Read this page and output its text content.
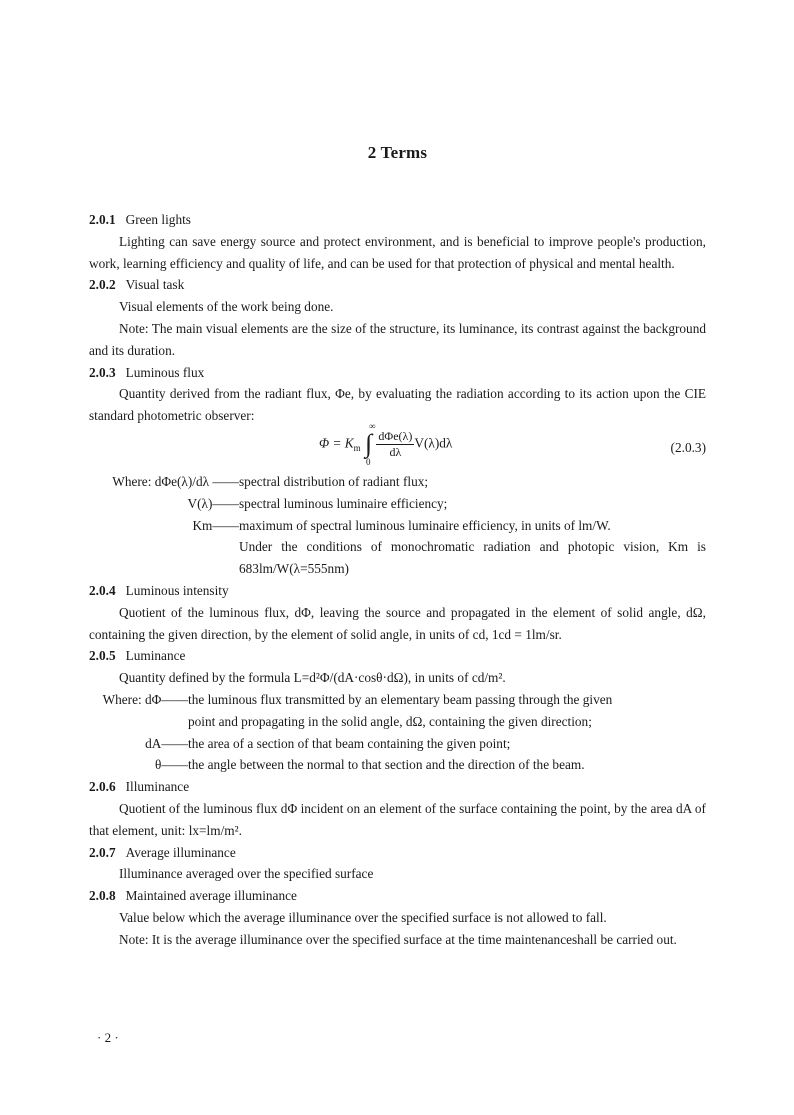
2 Terms
2.0.1 Green lights

Lighting can save energy source and protect environment, and is beneficial to improve people's production, work, learning efficiency and quality of life, and can be used for that protection of physical and mental health.

2.0.2 Visual task

Visual elements of the work being done.

Note: The main visual elements are the size of the structure, its luminance, its contrast against the background and its duration.

2.0.3 Luminous flux

Quantity derived from the radiant flux, Φe, by evaluating the radiation according to its action upon the CIE standard photometric observer:

$\Phi = K_m$ ∫
∞
0

$\frac{\text{dΦe(λ)}}{d\lambda} V(\lambda)d\lambda$	(2.0.3)
Where: dΦe(λ)/dλ —— spectral distribution of radiant flux;
V(λ)—— spectral luminous luminaire efficiency;
Km—— maximum of spectral luminous luminaire efficiency, in units of lm/W.

Under the conditions of monochromatic radiation and photopic vision, Km is 683lm/W(λ=555nm)

2.0.4 Luminous intensity

Quotient of the luminous flux, dΦ, leaving the source and propagated in the element of solid angle, dΩ, containing the given direction, by the element of solid angle, in units of cd, 1cd = 1lm/sr.

2.0.5 Luminance

Quantity defined by the formula L=d²Φ/(dA·cosθ·dΩ), in units of cd/m².

Where: dΦ—— the luminous flux transmitted by an elementary beam passing through the given

point and propagating in the solid angle, dΩ, containing the given direction;

dA—— the area of a section of that beam containing the given point;
θ—— the angle between the normal to that section and the direction of the beam.
2.0.6 Illuminance

Quotient of the luminous flux dΦ incident on an element of the surface containing the point, by the area dA of that element, unit: lx=lm/m².

2.0.7 Average illuminance

Illuminance averaged over the specified surface

2.0.8 Maintained average illuminance

Value below which the average illuminance over the specified surface is not allowed to fall.

Note: It is the average illuminance over the specified surface at the time maintenanceshall be carried out.

· 2 ·
